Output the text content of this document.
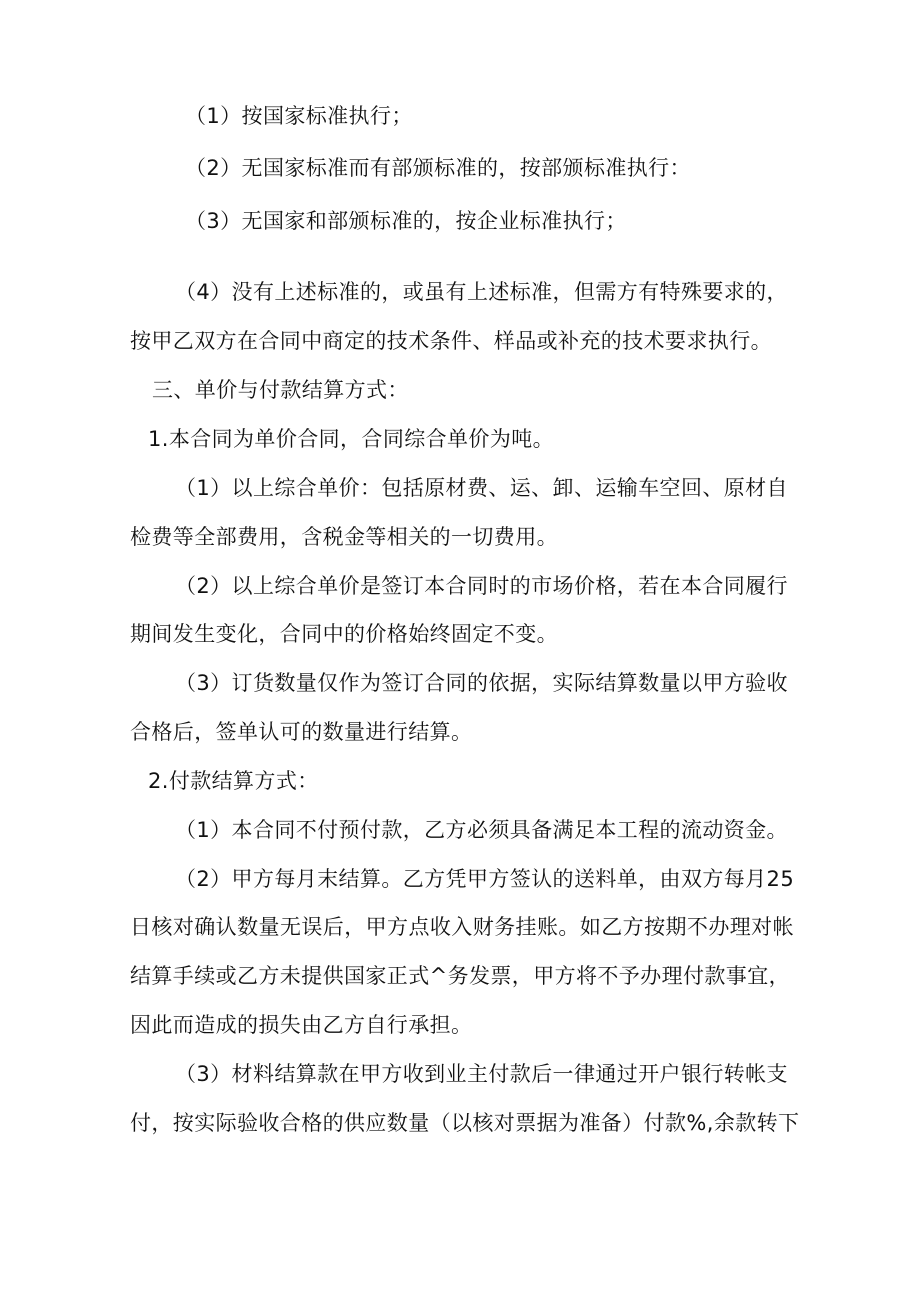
（1）按国家标准执行；
（2）无国家标准而有部颁标准的，按部颁标准执行：
（3）无国家和部颁标准的，按企业标准执行；
（4）没有上述标准的，或虽有上述标准，但需方有特殊要求的，
按甲乙双方在合同中商定的技术条件、样品或补充的技术要求执行。
三、单价与付款结算方式：
1.本合同为单价合同，合同综合单价为吨。
（1）以上综合单价：包括原材费、运、卸、运输车空回、原材自
检费等全部费用，含税金等相关的一切费用。
（2）以上综合单价是签订本合同时的市场价格，若在本合同履行
期间发生变化，合同中的价格始终固定不变。
（3）订货数量仅作为签订合同的依据，实际结算数量以甲方验收
合格后，签单认可的数量进行结算。
2.付款结算方式：
（1）本合同不付预付款，乙方必须具备满足本工程的流动资金。
（2）甲方每月末结算。乙方凭甲方签认的送料单，由双方每月25
日核对确认数量无误后，甲方点收入财务挂账。如乙方按期不办理对帐
结算手续或乙方未提供国家正式^务发票，甲方将不予办理付款事宜，
因此而造成的损失由乙方自行承担。
（3）材料结算款在甲方收到业主付款后一律通过开户银行转帐支
付，按实际验收合格的供应数量（以核对票据为准备）付款%,余款转下
